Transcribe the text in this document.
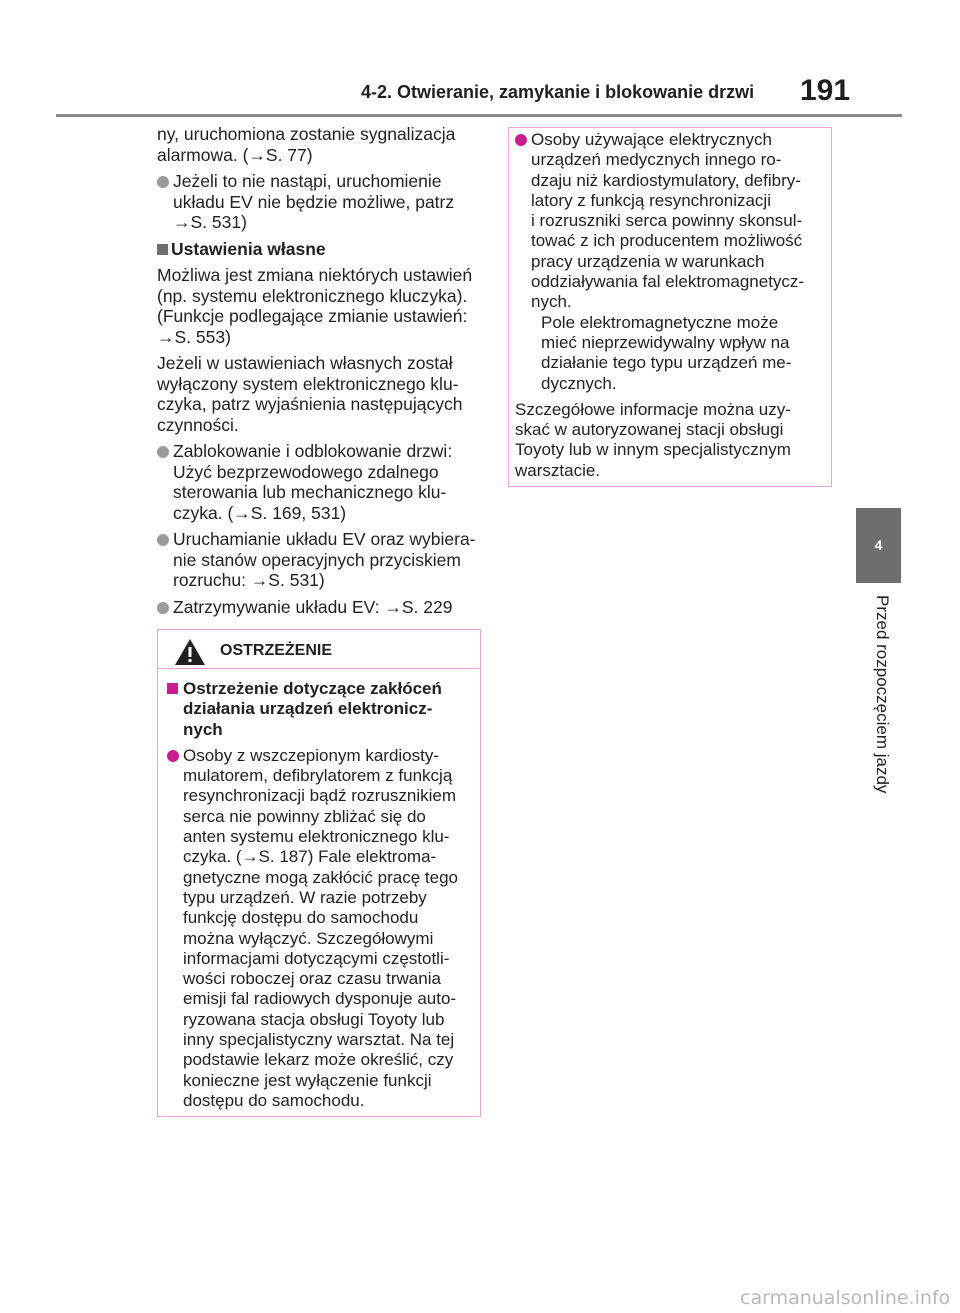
4-2. Otwieranie, zamykanie i blokowanie drzwi 191
4
Przed rozpoczęciem jazdy
ny, uruchomiona zostanie sygnalizacja
alarmowa. (→S. 77)
Jeżeli to nie nastąpi, uruchomienie
układu EV nie będzie możliwe, patrz
→S. 531)
Ustawienia własne
Możliwa jest zmiana niektórych ustawień
(np. systemu elektronicznego kluczyka).
(Funkcje podlegające zmianie ustawień:
→S. 553)
Jeżeli w ustawieniach własnych został
wyłączony system elektronicznego klu-
czyka, patrz wyjaśnienia następujących
czynności.
Zablokowanie i odblokowanie drzwi:
Użyć bezprzewodowego zdalnego
sterowania lub mechanicznego klu-
czyka. (→S. 169, 531)
Uruchamianie układu EV oraz wybiera-
nie stanów operacyjnych przyciskiem
rozruchu: →S. 531)
Zatrzymywanie układu EV: →S. 229
OSTRZEŻENIE
Ostrzeżenie dotyczące zakłóceń
działania urządzeń elektronicz-
nych
Osoby z wszczepionym kardiosty-
mulatorem, defibrylatorem z funkcją
resynchronizacji bądź rozrusznikiem
serca nie powinny zbliżać się do
anten systemu elektronicznego klu-
czyka. (→S. 187) Fale elektroma-
gnetyczne mogą zakłócić pracę tego
typu urządzeń. W razie potrzeby
funkcję dostępu do samochodu
można wyłączyć. Szczegółowymi
informacjami dotyczącymi częstotli-
wości roboczej oraz czasu trwania
emisji fal radiowych dysponuje auto-
ryzowana stacja obsługi Toyoty lub
inny specjalistyczny warsztat. Na tej
podstawie lekarz może określić, czy
konieczne jest wyłączenie funkcji
dostępu do samochodu.
Osoby używające elektrycznych
urządzeń medycznych innego ro-
dzaju niż kardiostymulatory, defibry-
latory z funkcją resynchronizacji
i rozruszniki serca powinny skonsul-
tować z ich producentem możliwość
pracy urządzenia w warunkach
oddziaływania fal elektromagnetycz-
nych.
Pole elektromagnetyczne może
mieć nieprzewidywalny wpływ na
działanie tego typu urządzeń me-
dycznych.
Szczegółowe informacje można uzy-
skać w autoryzowanej stacji obsługi
Toyoty lub w innym specjalistycznym
warsztacie.
carmanualsonline.info
